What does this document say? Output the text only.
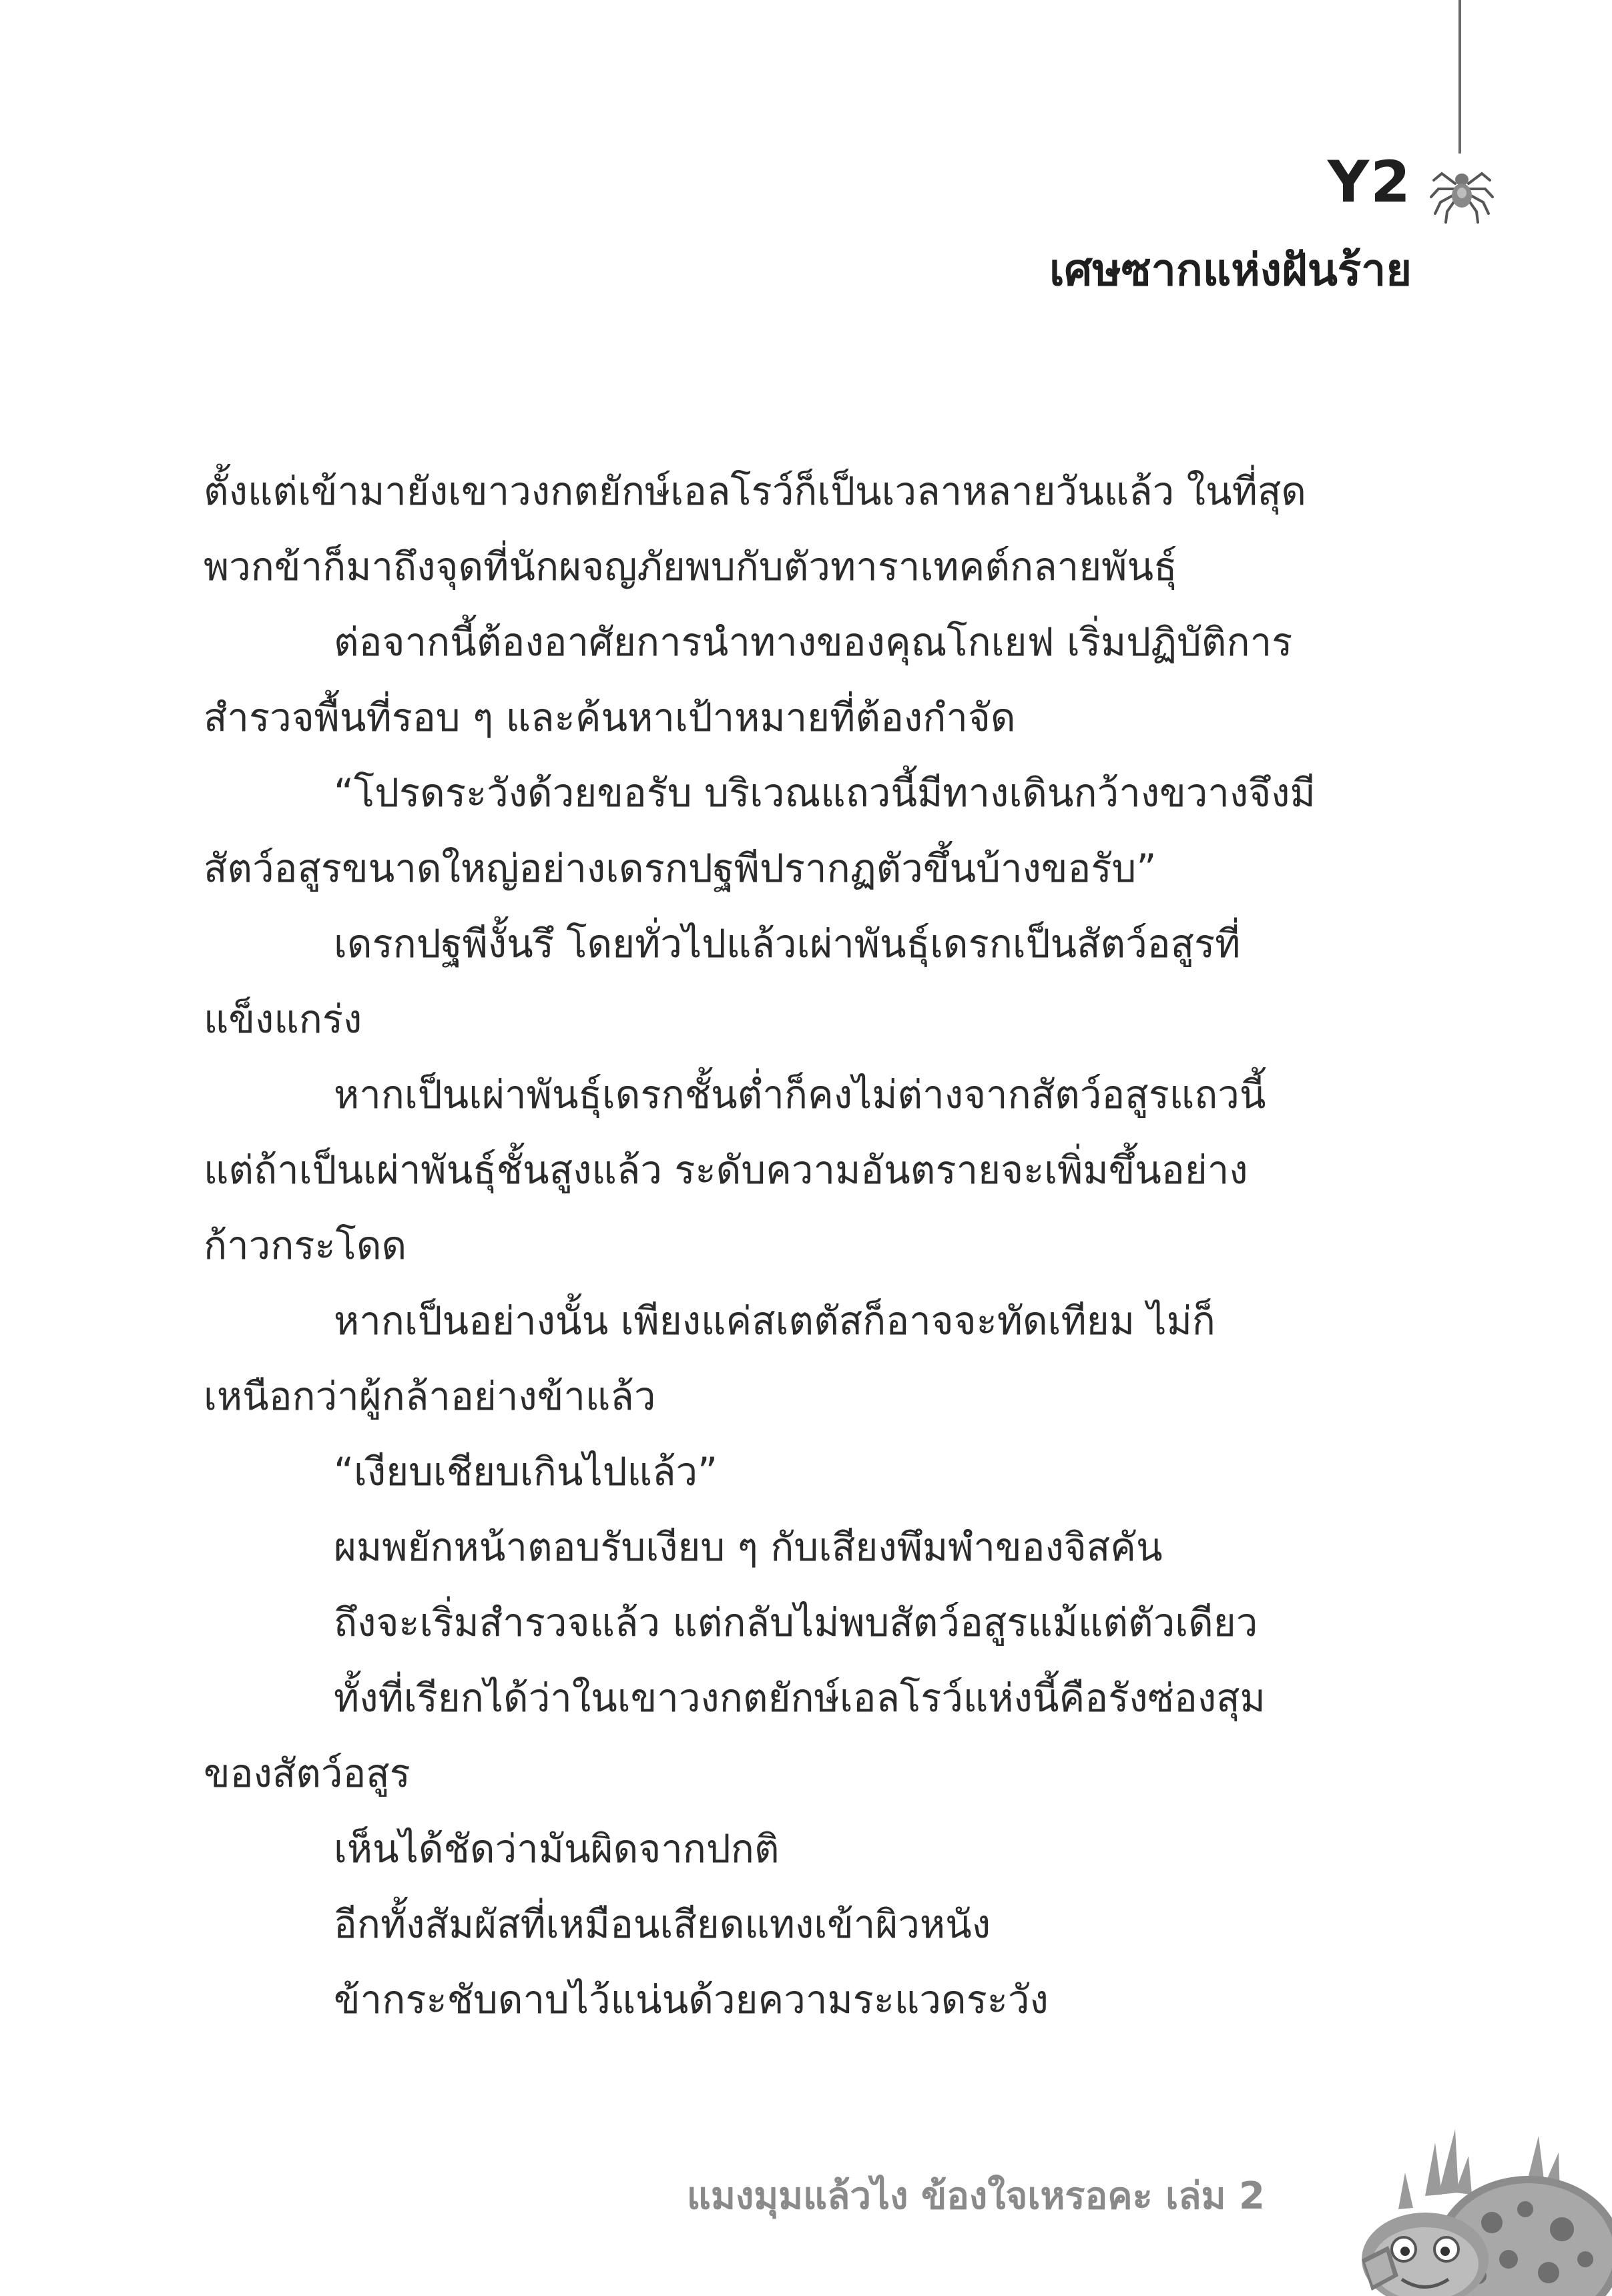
Y2
เศษซากแห่งฝันร้าย
ตั้งแต่เข้ามายังเขาวงกตยักษ์เอลโรว์ก็เป็นเวลาหลายวันแล้ว ในที่สุด
พวกข้าก็มาถึงจุดที่นักผจญภัยพบกับตัวทาราเทคต์กลายพันธุ์
ต่อจากนี้ต้องอาศัยการนำทางของคุณโกเยฟ เริ่มปฏิบัติการ
สำรวจพื้นที่รอบ ๆ และค้นหาเป้าหมายที่ต้องกำจัด
“โปรดระวังด้วยขอรับ บริเวณแถวนี้มีทางเดินกว้างขวางจึงมี
สัตว์อสูรขนาดใหญ่อย่างเดรกปฐพีปรากฏตัวขึ้นบ้างขอรับ”
เดรกปฐพีงั้นรึ โดยทั่วไปแล้วเผ่าพันธุ์เดรกเป็นสัตว์อสูรที่
แข็งแกร่ง
หากเป็นเผ่าพันธุ์เดรกชั้นต่ำก็คงไม่ต่างจากสัตว์อสูรแถวนี้
แต่ถ้าเป็นเผ่าพันธุ์ชั้นสูงแล้ว ระดับความอันตรายจะเพิ่มขึ้นอย่าง
ก้าวกระโดด
หากเป็นอย่างนั้น เพียงแค่สเตตัสก็อาจจะทัดเทียม ไม่ก็
เหนือกว่าผู้กล้าอย่างข้าแล้ว
“เงียบเชียบเกินไปแล้ว”
ผมพยักหน้าตอบรับเงียบ ๆ กับเสียงพึมพำของจิสคัน
ถึงจะเริ่มสำรวจแล้ว แต่กลับไม่พบสัตว์อสูรแม้แต่ตัวเดียว
ทั้งที่เรียกได้ว่าในเขาวงกตยักษ์เอลโรว์แห่งนี้คือรังซ่องสุม
ของสัตว์อสูร
เห็นได้ชัดว่ามันผิดจากปกติ
อีกทั้งสัมผัสที่เหมือนเสียดแทงเข้าผิวหนัง
ข้ากระชับดาบไว้แน่นด้วยความระแวดระวัง
แมงมุมแล้วไง ข้องใจเหรอคะ เล่ม 2
